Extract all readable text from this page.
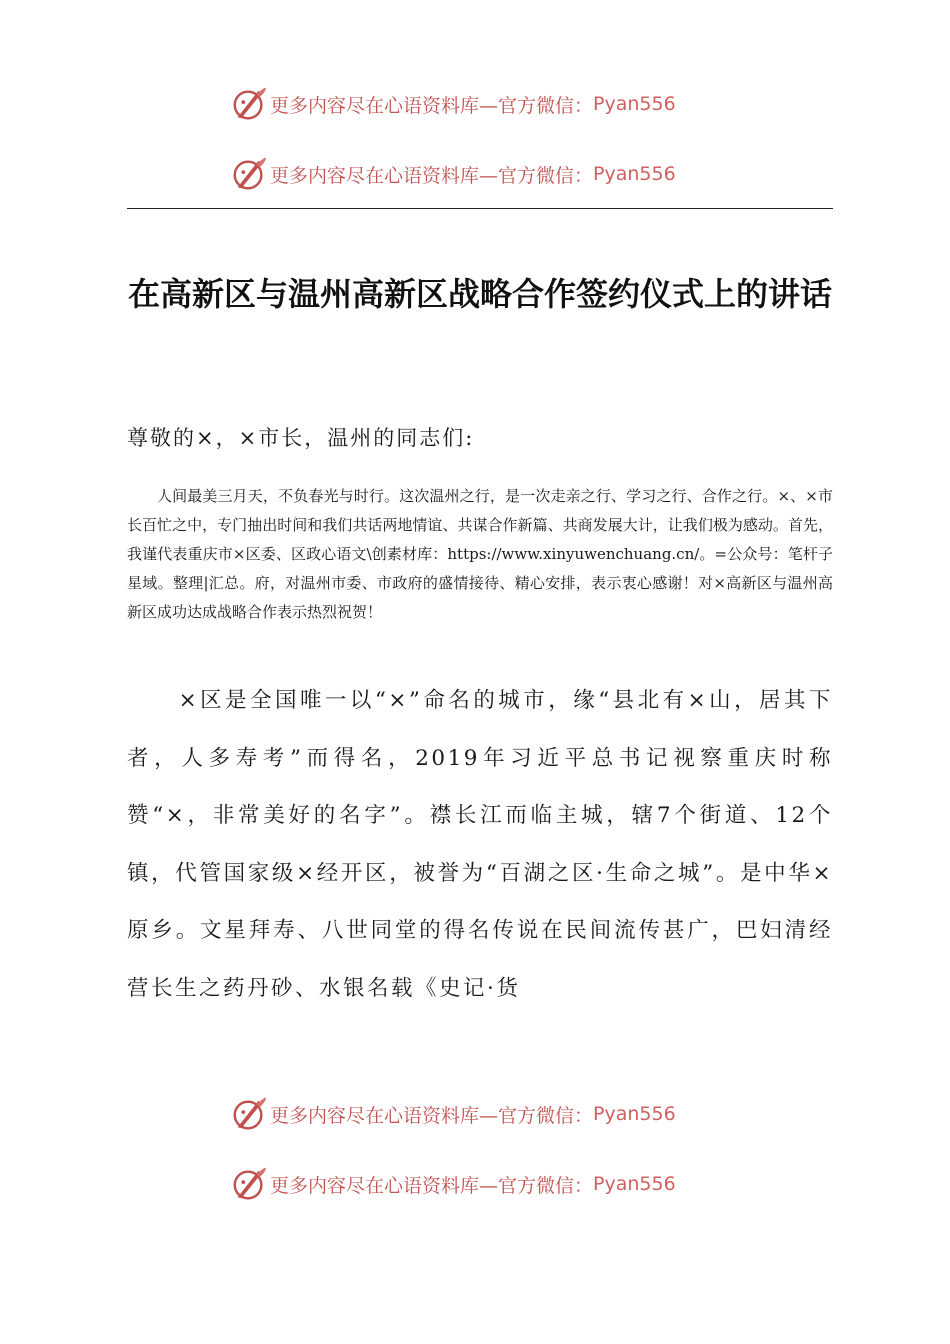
更多内容尽在心语资料库—官方微信： Pyan556
更多内容尽在心语资料库—官方微信： Pyan556
在高新区与温州高新区战略合作签约仪式上的讲话

尊敬的×，×市长，温州的同志们:

人间最美三月天，不负春光与时行。这次温州之行，是一次走亲之行、学习之行、合作之行。×、×市长百忙之中，专门抽出时间和我们共话两地情谊、共谋合作新篇、共商发展大计，让我们极为感动。首先，我谨代表重庆市×区委、区政心语文\创素材库：https://www.xinyuwenchuang.cn/。=公众号：笔杆子星域。整理|汇总。府，对温州市委、市政府的盛情接待、精心安排，表示衷心感谢！对×高新区与温州高新区成功达成战略合作表示热烈祝贺！

×区是全国唯一以“×”命名的城市，缘“县北有×山，居其下者，人多寿考”而得名，2019年习近平总书记视察重庆时称赞“×，非常美好的名字”。襟长江而临主城，辖7个街道、12个镇，代管国家级×经开区，被誉为“百湖之区·生命之城”。是中华×原乡。文星拜寿、八世同堂的得名传说在民间流传甚广，巴妇清经营长生之药丹砂、水银名载《史记·货

更多内容尽在心语资料库—官方微信： Pyan556
更多内容尽在心语资料库—官方微信： Pyan556
